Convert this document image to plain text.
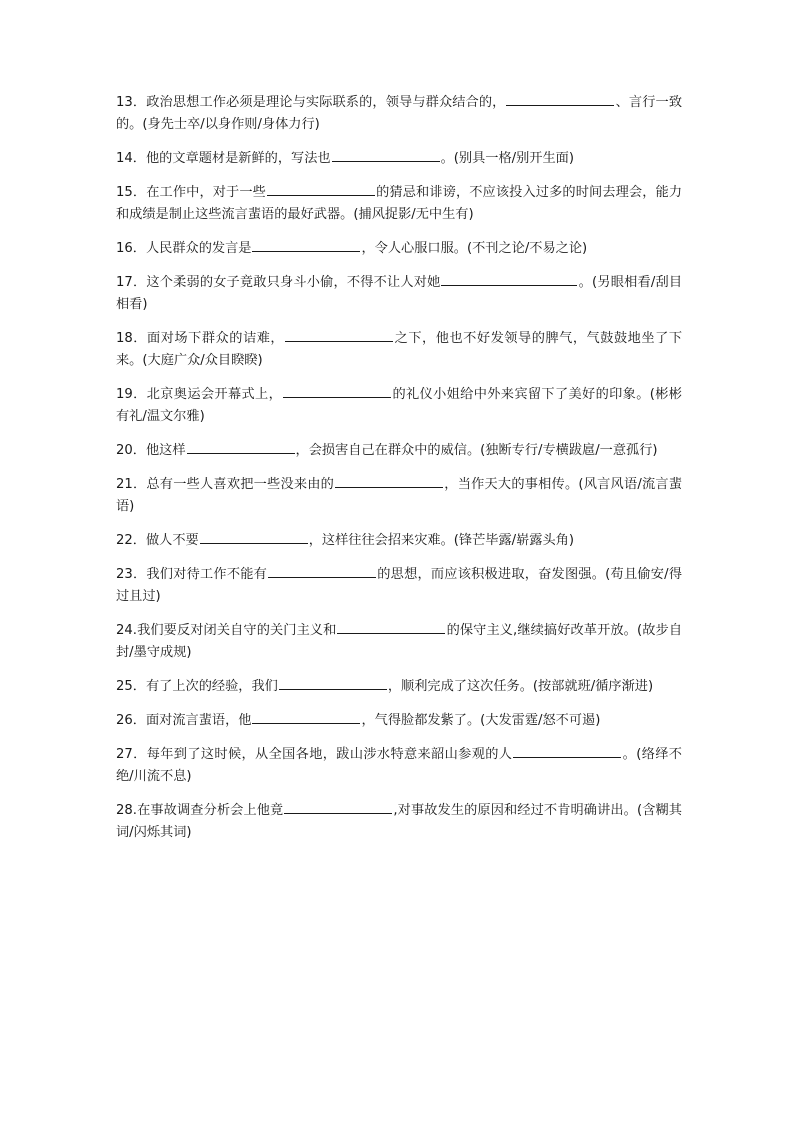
13．政治思想工作必须是理论与实际联系的，领导与群众结合的，	、言行一致的。(身先士卒/以身作则/身体力行)

14．他的文章题材是新鲜的，写法也	。(别具一格/别开生面)

15．在工作中，对于一些	的猜忌和诽谤，不应该投入过多的时间去理会，能力和成绩是制止这些流言蜚语的最好武器。(捕风捉影/无中生有)

16．人民群众的发言是	，令人心服口服。(不刊之论/不易之论)

17．这个柔弱的女子竟敢只身斗小偷，不得不让人对她	。(另眼相看/刮目相看)

18．面对场下群众的诘难，	之下，他也不好发领导的脾气，气鼓鼓地坐了下来。(大庭广众/众目睽睽)

19．北京奥运会开幕式上，	的礼仪小姐给中外来宾留下了美好的印象。(彬彬有礼/温文尔雅)

20．他这样	，会损害自己在群众中的威信。(独断专行/专横跋扈/一意孤行)

21．总有一些人喜欢把一些没来由的	，当作天大的事相传。(风言风语/流言蜚语)

22．做人不要	，这样往往会招来灾难。(锋芒毕露/崭露头角)

23．我们对待工作不能有	的思想，而应该积极进取，奋发图强。(苟且偷安/得过且过)

24.我们要反对闭关自守的关门主义和	的保守主义,继续搞好改革开放。(故步自封/墨守成规)

25．有了上次的经验，我们	，顺利完成了这次任务。(按部就班/循序渐进)

26．面对流言蜚语，他	，气得脸都发紫了。(大发雷霆/怒不可遏)

27．每年到了这时候，从全国各地，跋山涉水特意来韶山参观的人	。(络绎不绝/川流不息)

28.在事故调查分析会上他竟	,对事故发生的原因和经过不肯明确讲出。(含糊其词/闪烁其词)
